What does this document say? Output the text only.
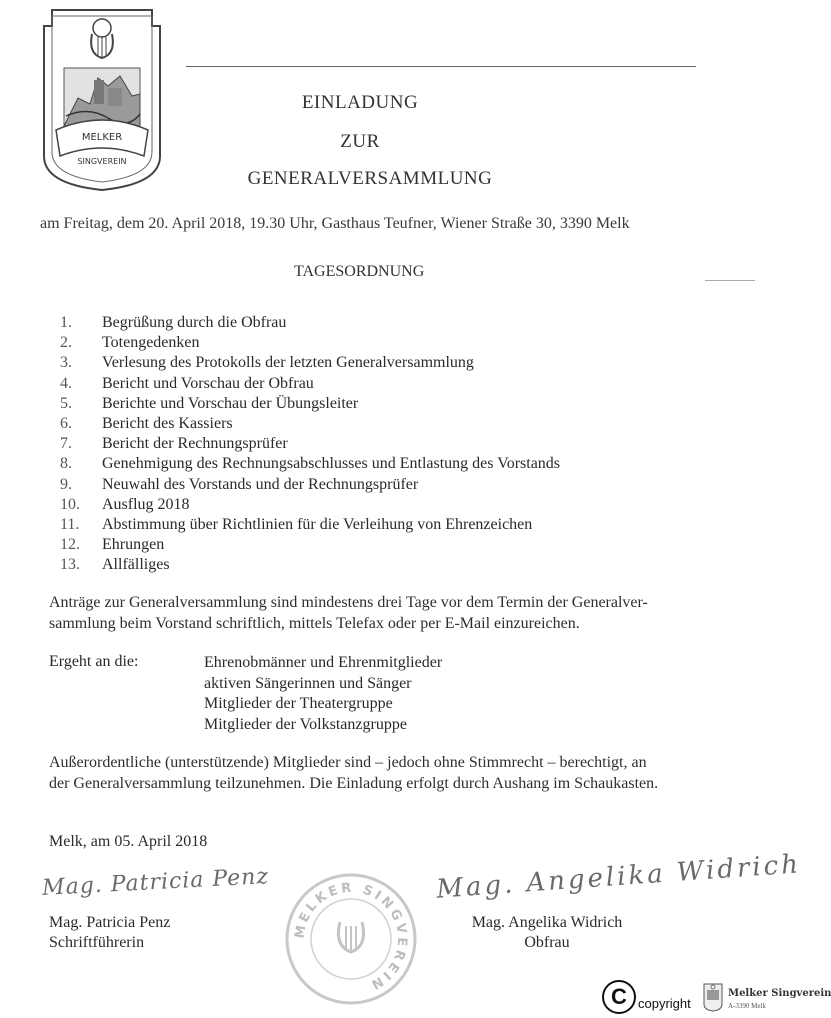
MELKER
SINGVEREIN
EINLADUNG
ZUR
GENERALVERSAMMLUNG
am Freitag, dem 20. April 2018, 19.30 Uhr, Gasthaus Teufner, Wiener Straße 30, 3390 Melk
TAGESORDNUNG
1. Begrüßung durch die Obfrau
2. Totengedenken
3. Verlesung des Protokolls der letzten Generalversammlung
4. Bericht und Vorschau der Obfrau
5. Berichte und Vorschau der Übungsleiter
6. Bericht des Kassiers
7. Bericht der Rechnungsprüfer
8. Genehmigung des Rechnungsabschlusses und Entlastung des Vorstands
9. Neuwahl des Vorstands und der Rechnungsprüfer
10. Ausflug 2018
11. Abstimmung über Richtlinien für die Verleihung von Ehrenzeichen
12. Ehrungen
13. Allfälliges
Anträge zur Generalversammlung sind mindestens drei Tage vor dem Termin der Generalver-
sammlung beim Vorstand schriftlich, mittels Telefax oder per E-Mail einzureichen.
Ergeht an die:	Ehrenobmänner und Ehrenmitglieder
aktiven Sängerinnen und Sänger
Mitglieder der Theatergruppe
Mitglieder der Volkstanzgruppe
Außerordentliche (unterstützende) Mitglieder sind – jedoch ohne Stimmrecht – berechtigt, an
der Generalversammlung teilzunehmen. Die Einladung erfolgt durch Aushang im Schaukasten.
Melk, am 05. April 2018
Mag. Patricia Penz
Mag. Patricia Penz
Schriftführerin
MELKER SINGVEREIN
Mag. Angelika Widrich
Mag. Angelika Widrich
Obfrau
C copyright
Melker Singverein
A-3390 Melk
